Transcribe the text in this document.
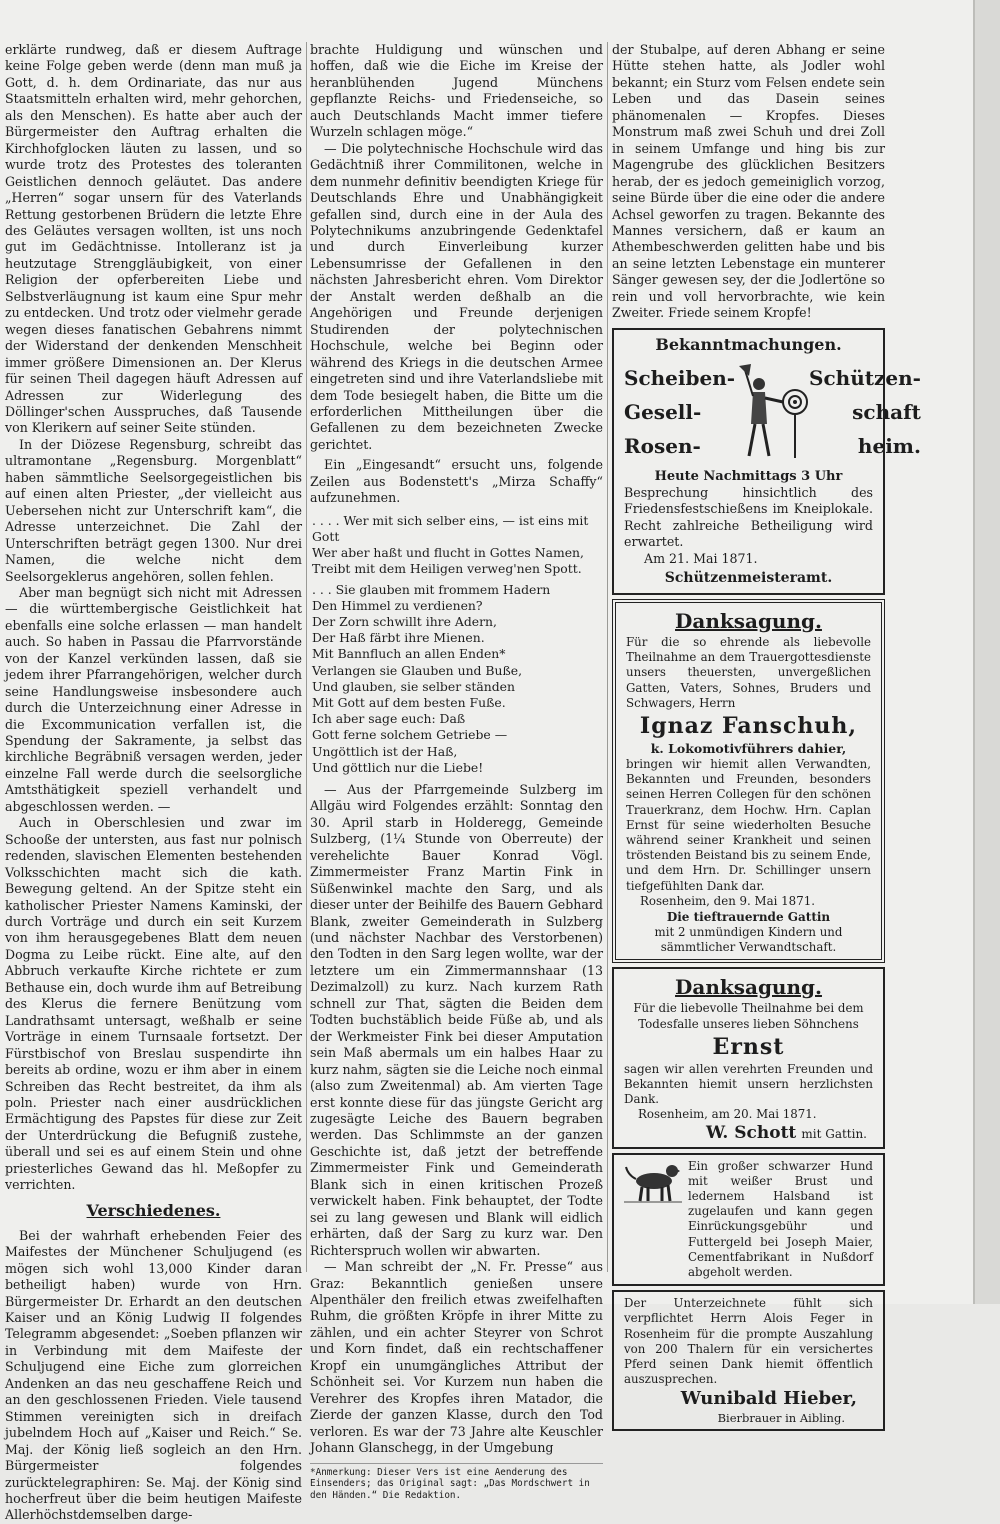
erklärte rundweg, daß er diesem Auftrage keine Folge geben werde (denn man muß ja Gott, d. h. dem Ordinariate, das nur aus Staatsmitteln erhalten wird, mehr gehorchen, als den Menschen). Es hatte aber auch der Bürgermeister den Auftrag erhalten die Kirchhofglocken läuten zu lassen, und so wurde trotz des Protestes des toleranten Geistlichen dennoch geläutet. Das andere „Herren“ sogar unsern für des Vaterlands Rettung gestorbenen Brüdern die letzte Ehre des Geläutes versagen wollten, ist uns noch gut im Gedächtnisse. Intolleranz ist ja heutzutage Strenggläubigkeit, von einer Religion der opferbereiten Liebe und Selbstverläugnung ist kaum eine Spur mehr zu entdecken. Und trotz oder vielmehr gerade wegen dieses fanatischen Gebahrens nimmt der Widerstand der denkenden Menschheit immer größere Dimensionen an. Der Klerus für seinen Theil dagegen häuft Adressen auf Adressen zur Widerlegung des Döllinger'schen Ausspruches, daß Tausende von Klerikern auf seiner Seite stünden.

In der Diözese Regensburg, schreibt das ultramontane „Regensburg. Morgenblatt“ haben sämmtliche Seelsorgegeistlichen bis auf einen alten Priester, „der vielleicht aus Uebersehen nicht zur Unterschrift kam“, die Adresse unterzeichnet. Die Zahl der Unterschriften beträgt gegen 1300. Nur drei Namen, die welche nicht dem Seelsorgeklerus angehören, sollen fehlen.

Aber man begnügt sich nicht mit Adressen — die württembergische Geistlichkeit hat ebenfalls eine solche erlassen — man handelt auch. So haben in Passau die Pfarrvorstände von der Kanzel verkünden lassen, daß sie jedem ihrer Pfarrangehörigen, welcher durch seine Handlungsweise insbesondere auch durch die Unterzeichnung einer Adresse in die Excommunication verfallen ist, die Spendung der Sakramente, ja selbst das kirchliche Begräbniß versagen werden, jeder einzelne Fall werde durch die seelsorgliche Amtsthätigkeit speziell verhandelt und abgeschlossen werden. —

Auch in Oberschlesien und zwar im Schooße der untersten, aus fast nur polnisch redenden, slavischen Elementen bestehenden Volksschichten macht sich die kath. Bewegung geltend. An der Spitze steht ein katholischer Priester Namens Kaminski, der durch Vorträge und durch ein seit Kurzem von ihm herausgegebenes Blatt dem neuen Dogma zu Leibe rückt. Eine alte, auf den Abbruch verkaufte Kirche richtete er zum Bethause ein, doch wurde ihm auf Betreibung des Klerus die fernere Benützung vom Landrathsamt untersagt, weßhalb er seine Vorträge in einem Turnsaale fortsetzt. Der Fürstbischof von Breslau suspendirte ihn bereits ab ordine, wozu er ihm aber in einem Schreiben das Recht bestreitet, da ihm als poln. Priester nach einer ausdrücklichen Ermächtigung des Papstes für diese zur Zeit der Unterdrückung die Befugniß zustehe, überall und sei es auf einem Stein und ohne priesterliches Gewand das hl. Meßopfer zu verrichten.

Verschiedenes.

Bei der wahrhaft erhebenden Feier des Maifestes der Münchener Schuljugend (es mögen sich wohl 13,000 Kinder daran betheiligt haben) wurde von Hrn. Bürgermeister Dr. Erhardt an den deutschen Kaiser und an König Ludwig II folgendes Telegramm abgesendet: „Soeben pflanzen wir in Verbindung mit dem Maifeste der Schuljugend eine Eiche zum glorreichen Andenken an das neu geschaffene Reich und an den geschlossenen Frieden. Viele tausend Stimmen vereinigten sich in dreifach jubelndem Hoch auf „Kaiser und Reich.“ Se. Maj. der König ließ sogleich an den Hrn. Bürgermeister folgendes zurücktelegraphiren: Se. Maj. der König sind hocherfreut über die beim heutigen Maifeste Allerhöchstdemselben darge-

brachte Huldigung und wünschen und hoffen, daß wie die Eiche im Kreise der heranblühenden Jugend Münchens gepflanzte Reichs- und Friedenseiche, so auch Deutschlands Macht immer tiefere Wurzeln schlagen möge.“

— Die polytechnische Hochschule wird das Gedächtniß ihrer Commilitonen, welche in dem nunmehr definitiv beendigten Kriege für Deutschlands Ehre und Unabhängigkeit gefallen sind, durch eine in der Aula des Polytechnikums anzubringende Gedenktafel und durch Einverleibung kurzer Lebensumrisse der Gefallenen in den nächsten Jahresbericht ehren. Vom Direktor der Anstalt werden deßhalb an die Angehörigen und Freunde derjenigen Studirenden der polytechnischen Hochschule, welche bei Beginn oder während des Kriegs in die deutschen Armee eingetreten sind und ihre Vaterlandsliebe mit dem Tode besiegelt haben, die Bitte um die erforderlichen Mittheilungen über die Gefallenen zu dem bezeichneten Zwecke gerichtet.

Ein „Eingesandt“ ersucht uns, folgende Zeilen aus Bodenstett's „Mirza Schaffy“ aufzunehmen.

. . . . Wer mit sich selber eins, — ist eins mit Gott

Wer aber haßt und flucht in Gottes Namen,

Treibt mit dem Heiligen verweg'nen Spott.

. . . Sie glauben mit frommem Hadern

Den Himmel zu verdienen?

Der Zorn schwillt ihre Adern,

Der Haß färbt ihre Mienen.

Mit Bannfluch an allen Enden*

Verlangen sie Glauben und Buße,

Und glauben, sie selber ständen

Mit Gott auf dem besten Fuße.

Ich aber sage euch: Daß

Gott ferne solchem Getriebe —

Ungöttlich ist der Haß,

Und göttlich nur die Liebe!

— Aus der Pfarrgemeinde Sulzberg im Allgäu wird Folgendes erzählt: Sonntag den 30. April starb in Holderegg, Gemeinde Sulzberg, (1¼ Stunde von Oberreute) der verehelichte Bauer Konrad Vögl. Zimmermeister Franz Martin Fink in Süßenwinkel machte den Sarg, und als dieser unter der Beihilfe des Bauern Gebhard Blank, zweiter Gemeinderath in Sulzberg (und nächster Nachbar des Verstorbenen) den Todten in den Sarg legen wollte, war der letztere um ein Zimmermannshaar (13 Dezimalzoll) zu kurz. Nach kurzem Rath schnell zur That, sägten die Beiden dem Todten buchstäblich beide Füße ab, und als der Werkmeister Fink bei dieser Amputation sein Maß abermals um ein halbes Haar zu kurz nahm, sägten sie die Leiche noch einmal (also zum Zweitenmal) ab. Am vierten Tage erst konnte diese für das jüngste Gericht arg zugesägte Leiche des Bauern begraben werden. Das Schlimmste an der ganzen Geschichte ist, daß jetzt der betreffende Zimmermeister Fink und Gemeinderath Blank sich in einen kritischen Prozeß verwickelt haben. Fink behauptet, der Todte sei zu lang gewesen und Blank will eidlich erhärten, daß der Sarg zu kurz war. Den Richterspruch wollen wir abwarten.

— Man schreibt der „N. Fr. Presse“ aus Graz: Bekanntlich genießen unsere Alpenthäler den freilich etwas zweifelhaften Ruhm, die größten Kröpfe in ihrer Mitte zu zählen, und ein achter Steyrer von Schrot und Korn findet, daß ein rechtschaffener Kropf ein unumgängliches Attribut der Schönheit sei. Vor Kurzem nun haben die Verehrer des Kropfes ihren Matador, die Zierde der ganzen Klasse, durch den Tod verloren. Es war der 73 Jahre alte Keuschler Johann Glanschegg, in der Umgebung

*Anmerkung: Dieser Vers ist eine Aenderung des Einsenders; das Original sagt: „Das Mordschwert in den Händen.“ Die Redaktion.

der Stubalpe, auf deren Abhang er seine Hütte stehen hatte, als Jodler wohl bekannt; ein Sturz vom Felsen endete sein Leben und das Dasein seines phänomenalen — Kropfes. Dieses Monstrum maß zwei Schuh und drei Zoll in seinem Umfange und hing bis zur Magengrube des glücklichen Besitzers herab, der es jedoch gemeiniglich vorzog, seine Bürde über die eine oder die andere Achsel geworfen zu tragen. Bekannte des Mannes versichern, daß er kaum an Athembeschwerden gelitten habe und bis an seine letzten Lebenstage ein munterer Sänger gewesen sey, der die Jodlertöne so rein und voll hervorbrachte, wie kein Zweiter. Friede seinem Kropfe!

Bekanntmachungen.
Scheiben-
Gesell-
Rosen-
Schützen-
schaft
heim.
Heute Nachmittags 3 Uhr

Besprechung hinsichtlich des Friedensfestschießens im Kneiplokale. Recht zahlreiche Betheiligung wird erwartet.

Am 21. Mai 1871.

Schützenmeisteramt.
Danksagung.

Für die so ehrende als liebevolle Theilnahme an dem Trauergottesdienste unsers theuersten, unvergeßlichen Gatten, Vaters, Sohnes, Bruders und Schwagers, Herrn

Ignaz Fanschuh,
k. Lokomotivführers dahier,

bringen wir hiemit allen Verwandten, Bekannten und Freunden, besonders seinen Herren Collegen für den schönen Trauerkranz, dem Hochw. Hrn. Caplan Ernst für seine wiederholten Besuche während seiner Krankheit und seinen tröstenden Beistand bis zu seinem Ende, und dem Hrn. Dr. Schillinger unsern tiefgefühlten Dank dar.

Rosenheim, den 9. Mai 1871.

Die tieftrauernde Gattin

mit 2 unmündigen Kindern und sämmtlicher Verwandtschaft.

Danksagung.

Für die liebevolle Theilnahme bei dem Todesfalle unseres lieben Söhnchens

Ernst

sagen wir allen verehrten Freunden und Bekannten hiemit unsern herzlichsten Dank.

Rosenheim, am 20. Mai 1871.

W. Schott mit Gattin.

Ein großer schwarzer Hund mit weißer Brust und ledernem Halsband ist zugelaufen und kann gegen Einrückungsgebühr und Futtergeld bei Joseph Maier, Cementfabrikant in Nußdorf abgeholt werden.

Der Unterzeichnete fühlt sich verpflichtet Herrn Alois Feger in Rosenheim für die prompte Auszahlung von 200 Thalern für ein versichertes Pferd seinen Dank hiemit öffentlich auszusprechen.

Wunibald Hieber,
Bierbrauer in Aibling.
